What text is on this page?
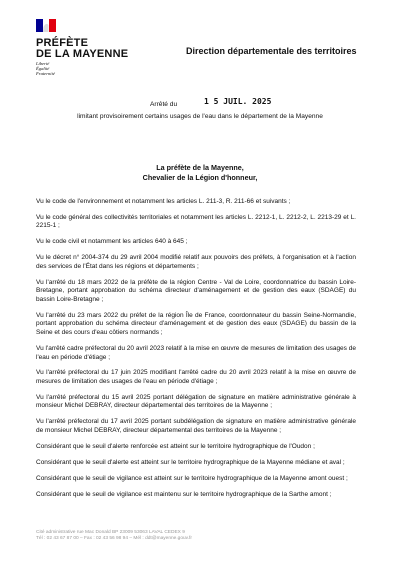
PRÉFÈTE
DE LA MAYENNE
Liberté
Égalité
Fraternité
Direction départementale des territoires
Arrêté du	1 5 JUIL. 2025
limitant provisoirement certains usages de l'eau dans le département de la Mayenne
La préfète de la Mayenne,
Chevalier de la Légion d'honneur,

Vu le code de l'environnement et notamment les articles L. 211-3, R. 211-66 et suivants ;

Vu le code général des collectivités territoriales et notamment les articles L. 2212-1, L. 2212-2, L. 2213-29 et L. 2215-1 ;

Vu le code civil et notamment les articles 640 à 645 ;

Vu le décret n° 2004-374 du 29 avril 2004 modifié relatif aux pouvoirs des préfets, à l'organisation et à l'action des services de l'État dans les régions et départements ;

Vu l'arrêté du 18 mars 2022 de la préfète de la région Centre - Val de Loire, coordonnatrice du bassin Loire-Bretagne, portant approbation du schéma directeur d'aménagement et de gestion des eaux (SDAGE) du bassin Loire-Bretagne ;

Vu l'arrêté du 23 mars 2022 du préfet de la région Île de France, coordonnateur du bassin Seine-Normandie, portant approbation du schéma directeur d'aménagement et de gestion des eaux (SDAGE) du bassin de la Seine et des cours d'eau côtiers normands ;

Vu l'arrêté cadre préfectoral du 20 avril 2023 relatif à la mise en œuvre de mesures de limitation des usages de l'eau en période d'étiage ;

Vu l'arrêté préfectoral du 17 juin 2025 modifiant l'arrêté cadre du 20 avril 2023 relatif à la mise en œuvre de mesures de limitation des usages de l'eau en période d'étiage ;

Vu l'arrêté préfectoral du 15 avril 2025 portant délégation de signature en matière administrative générale à monsieur Michel DEBRAY, directeur départemental des territoires de la Mayenne ;

Vu l'arrêté préfectoral du 17 avril 2025 portant subdélégation de signature en matière administrative générale de monsieur Michel DEBRAY, directeur départemental des territoires de la Mayenne ;

Considérant que le seuil d'alerte renforcée est atteint sur le territoire hydrographique de l'Oudon ;

Considérant que le seuil d'alerte est atteint sur le territoire hydrographique de la Mayenne médiane et aval ;

Considérant que le seuil de vigilance est atteint sur le territoire hydrographique de la Mayenne amont ouest ;

Considérant que le seuil de vigilance est maintenu sur le territoire hydrographique de la Sarthe amont ;

Cité administrative rue Mac Donald BP 23009 53063 LAVAL CEDEX 9
Tél : 02 43 67 87 00 – Fax : 02 43 56 98 94 – Mél : ddt@mayenne.gouv.fr
